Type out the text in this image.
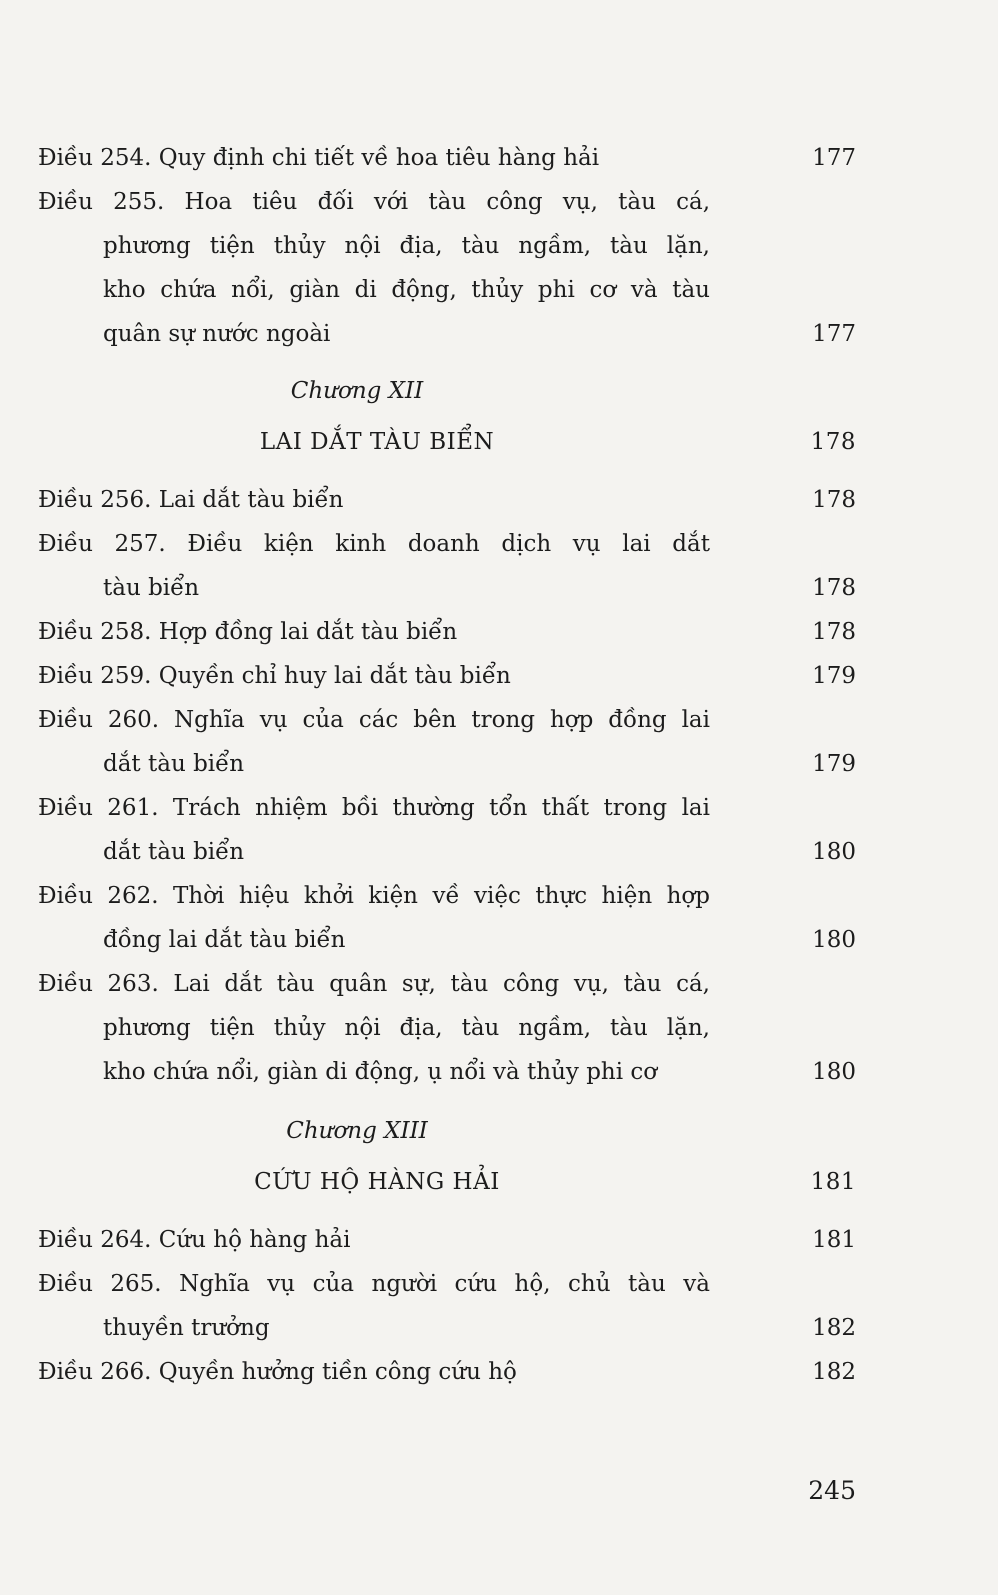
Điều 254. Quy định chi tiết về hoa tiêu hàng hải	177
Điều 255. Hoa tiêu đối với tàu công vụ, tàu cá,
phương tiện thủy nội địa, tàu ngầm, tàu lặn,
kho chứa nổi, giàn di động, thủy phi cơ và tàu
quân sự nước ngoài	177
Chương XII
LAI DẮT TÀU BIỂN	178
Điều 256. Lai dắt tàu biển	178
Điều 257. Điều kiện kinh doanh dịch vụ lai dắt
tàu biển	178
Điều 258. Hợp đồng lai dắt tàu biển	178
Điều 259. Quyền chỉ huy lai dắt tàu biển	179
Điều 260. Nghĩa vụ của các bên trong hợp đồng lai
dắt tàu biển	179
Điều 261. Trách nhiệm bồi thường tổn thất trong lai
dắt tàu biển	180
Điều 262. Thời hiệu khởi kiện về việc thực hiện hợp
đồng lai dắt tàu biển	180
Điều 263. Lai dắt tàu quân sự, tàu công vụ, tàu cá,
phương tiện thủy nội địa, tàu ngầm, tàu lặn,
kho chứa nổi, giàn di động, ụ nổi và thủy phi cơ	180
Chương XIII
CỨU HỘ HÀNG HẢI	181
Điều 264. Cứu hộ hàng hải	181
Điều 265. Nghĩa vụ của người cứu hộ, chủ tàu và
thuyền trưởng	182
Điều 266. Quyền hưởng tiền công cứu hộ	182
245
